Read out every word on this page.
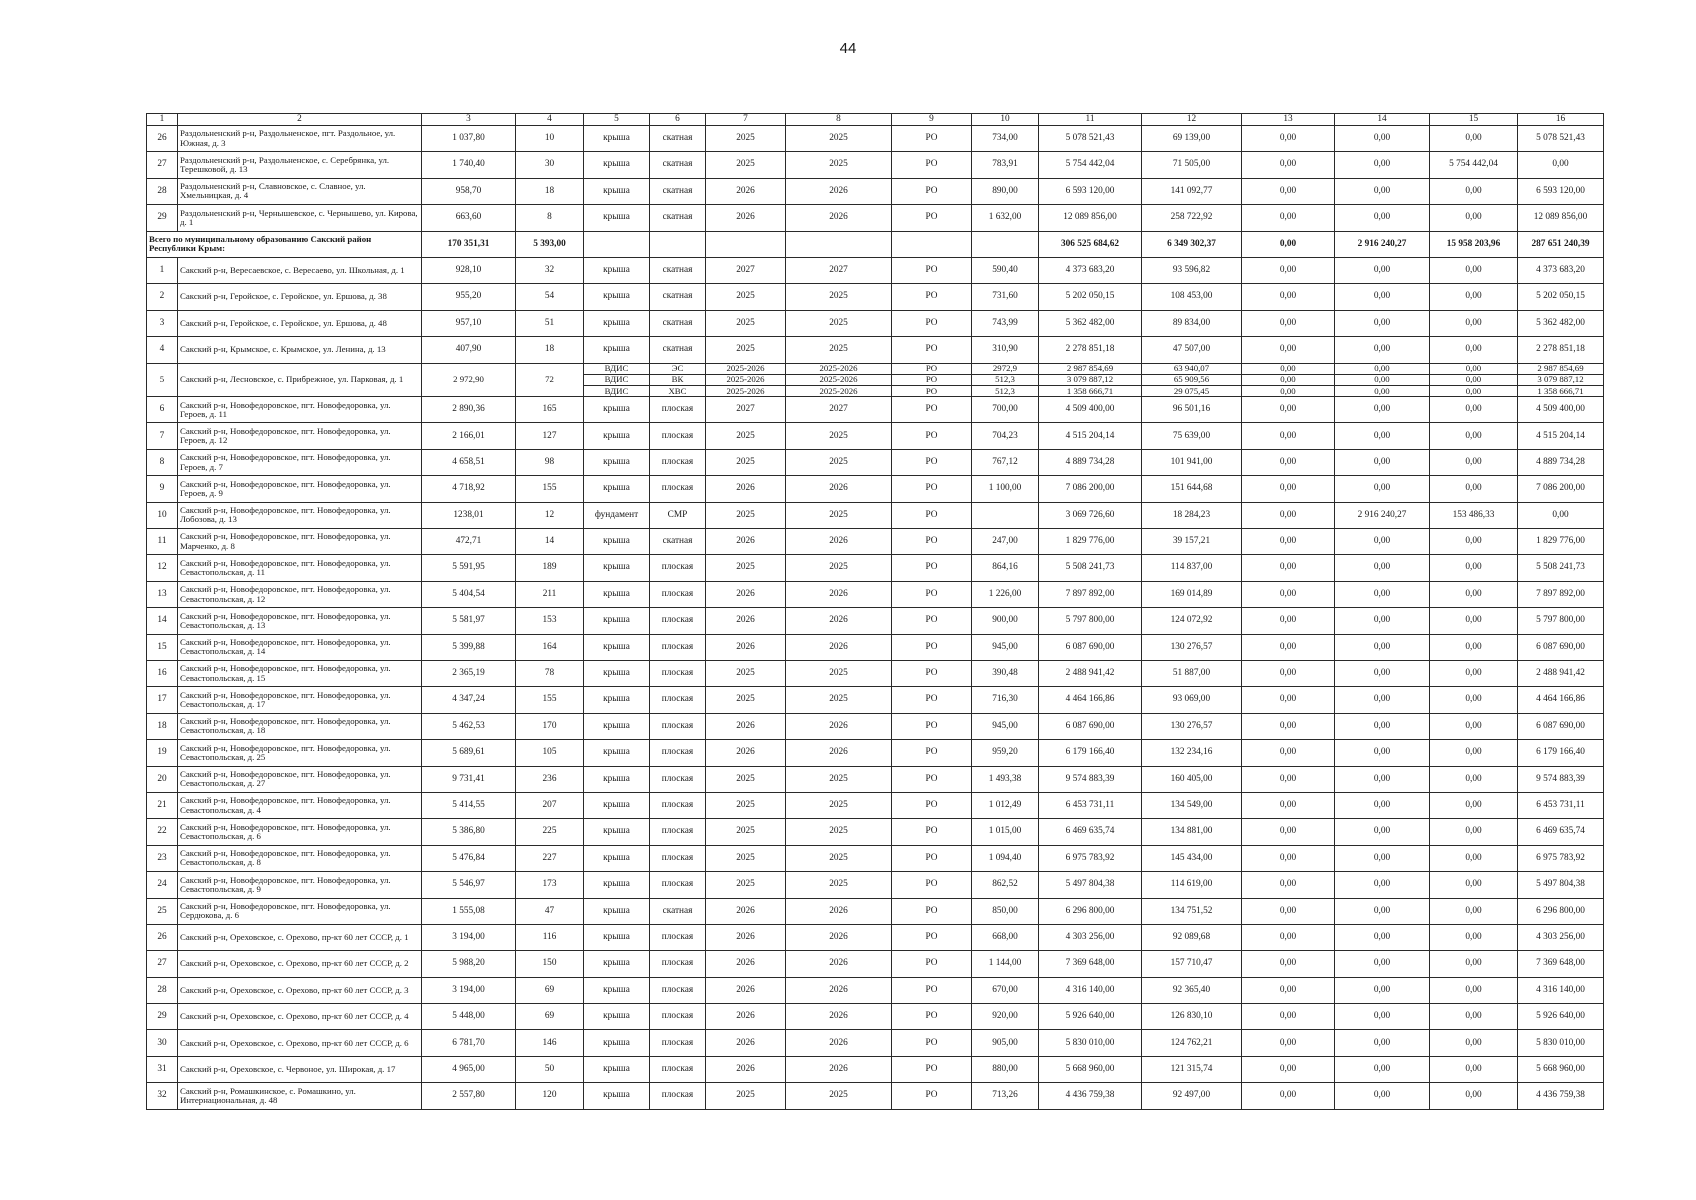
44
1	2	3	4	5	6	7	8	9	10	11	12	13	14	15	16
26	Раздольненский р-н, Раздольненское, пгт. Раздольное, ул. Южная, д. 3	1 037,80	10	крыша	скатная	2025	2025	РО	734,00	5 078 521,43	69 139,00	0,00	0,00	0,00	5 078 521,43
27	Раздольненский р-н, Раздольненское, с. Серебрянка, ул. Терешковой, д. 13	1 740,40	30	крыша	скатная	2025	2025	РО	783,91	5 754 442,04	71 505,00	0,00	0,00	5 754 442,04	0,00
28	Раздольненский р-н, Славновское, с. Славное, ул. Хмельницкая, д. 4	958,70	18	крыша	скатная	2026	2026	РО	890,00	6 593 120,00	141 092,77	0,00	0,00	0,00	6 593 120,00
29	Раздольненский р-н, Чернышевское, с. Чернышево, ул. Кирова, д. 1	663,60	8	крыша	скатная	2026	2026	РО	1 632,00	12 089 856,00	258 722,92	0,00	0,00	0,00	12 089 856,00
Всего по муниципальному образованию Сакский район Республики Крым:		170 351,31	5 393,00							306 525 684,62	6 349 302,37	0,00	2 916 240,27	15 958 203,96	287 651 240,39
1	Сакский р-н, Вересаевское, с. Вересаево, ул. Школьная, д. 1	928,10	32	крыша	скатная	2027	2027	РО	590,40	4 373 683,20	93 596,82	0,00	0,00	0,00	4 373 683,20
2	Сакский р-н, Геройское, с. Геройское, ул. Ершова, д. 38	955,20	54	крыша	скатная	2025	2025	РО	731,60	5 202 050,15	108 453,00	0,00	0,00	0,00	5 202 050,15
3	Сакский р-н, Геройское, с. Геройское, ул. Ершова, д. 48	957,10	51	крыша	скатная	2025	2025	РО	743,99	5 362 482,00	89 834,00	0,00	0,00	0,00	5 362 482,00
4	Сакский р-н, Крымское, с. Крымское, ул. Ленина, д. 13	407,90	18	крыша	скатная	2025	2025	РО	310,90	2 278 851,18	47 507,00	0,00	0,00	0,00	2 278 851,18
5	Сакский р-н, Лесновское, с. Прибрежное, ул. Парковая, д. 1	2 972,90	72	ВДИС	ЭС	2025-2026	2025-2026	РО	2972,9	2 987 854,69	63 940,07	0,00	0,00	0,00	2 987 854,69
				ВДИС	ВК	2025-2026	2025-2026	РО	512,3	3 079 887,12	65 909,56	0,00	0,00	0,00	3 079 887,12
				ВДИС	ХВС	2025-2026	2025-2026	РО	512,3	1 358 666,71	29 075,45	0,00	0,00	0,00	1 358 666,71
6	Сакский р-н, Новофедоровское, пгт. Новофедоровка, ул. Героев, д. 11	2 890,36	165	крыша	плоская	2027	2027	РО	700,00	4 509 400,00	96 501,16	0,00	0,00	0,00	4 509 400,00
7	Сакский р-н, Новофедоровское, пгт. Новофедоровка, ул. Героев, д. 12	2 166,01	127	крыша	плоская	2025	2025	РО	704,23	4 515 204,14	75 639,00	0,00	0,00	0,00	4 515 204,14
8	Сакский р-н, Новофедоровское, пгт. Новофедоровка, ул. Героев, д. 7	4 658,51	98	крыша	плоская	2025	2025	РО	767,12	4 889 734,28	101 941,00	0,00	0,00	0,00	4 889 734,28
9	Сакский р-н, Новофедоровское, пгт. Новофедоровка, ул. Героев, д. 9	4 718,92	155	крыша	плоская	2026	2026	РО	1 100,00	7 086 200,00	151 644,68	0,00	0,00	0,00	7 086 200,00
10	Сакский р-н, Новофедоровское, пгт. Новофедоровка, ул. Лобозова, д. 13	1238,01	12	фундамент	СМР	2025	2025	РО		3 069 726,60	18 284,23	0,00	2 916 240,27	153 486,33	0,00
11	Сакский р-н, Новофедоровское, пгт. Новофедоровка, ул. Марченко, д. 8	472,71	14	крыша	скатная	2026	2026	РО	247,00	1 829 776,00	39 157,21	0,00	0,00	0,00	1 829 776,00
12	Сакский р-н, Новофедоровское, пгт. Новофедоровка, ул. Севастопольская, д. 11	5 591,95	189	крыша	плоская	2025	2025	РО	864,16	5 508 241,73	114 837,00	0,00	0,00	0,00	5 508 241,73
13	Сакский р-н, Новофедоровское, пгт. Новофедоровка, ул. Севастопольская, д. 12	5 404,54	211	крыша	плоская	2026	2026	РО	1 226,00	7 897 892,00	169 014,89	0,00	0,00	0,00	7 897 892,00
14	Сакский р-н, Новофедоровское, пгт. Новофедоровка, ул. Севастопольская, д. 13	5 581,97	153	крыша	плоская	2026	2026	РО	900,00	5 797 800,00	124 072,92	0,00	0,00	0,00	5 797 800,00
15	Сакский р-н, Новофедоровское, пгт. Новофедоровка, ул. Севастопольская, д. 14	5 399,88	164	крыша	плоская	2026	2026	РО	945,00	6 087 690,00	130 276,57	0,00	0,00	0,00	6 087 690,00
16	Сакский р-н, Новофедоровское, пгт. Новофедоровка, ул. Севастопольская, д. 15	2 365,19	78	крыша	плоская	2025	2025	РО	390,48	2 488 941,42	51 887,00	0,00	0,00	0,00	2 488 941,42
17	Сакский р-н, Новофедоровское, пгт. Новофедоровка, ул. Севастопольская, д. 17	4 347,24	155	крыша	плоская	2025	2025	РО	716,30	4 464 166,86	93 069,00	0,00	0,00	0,00	4 464 166,86
18	Сакский р-н, Новофедоровское, пгт. Новофедоровка, ул. Севастопольская, д. 18	5 462,53	170	крыша	плоская	2026	2026	РО	945,00	6 087 690,00	130 276,57	0,00	0,00	0,00	6 087 690,00
19	Сакский р-н, Новофедоровское, пгт. Новофедоровка, ул. Севастопольская, д. 25	5 689,61	105	крыша	плоская	2026	2026	РО	959,20	6 179 166,40	132 234,16	0,00	0,00	0,00	6 179 166,40
20	Сакский р-н, Новофедоровское, пгт. Новофедоровка, ул. Севастопольская, д. 27	9 731,41	236	крыша	плоская	2025	2025	РО	1 493,38	9 574 883,39	160 405,00	0,00	0,00	0,00	9 574 883,39
21	Сакский р-н, Новофедоровское, пгт. Новофедоровка, ул. Севастопольская, д. 4	5 414,55	207	крыша	плоская	2025	2025	РО	1 012,49	6 453 731,11	134 549,00	0,00	0,00	0,00	6 453 731,11
22	Сакский р-н, Новофедоровское, пгт. Новофедоровка, ул. Севастопольская, д. 6	5 386,80	225	крыша	плоская	2025	2025	РО	1 015,00	6 469 635,74	134 881,00	0,00	0,00	0,00	6 469 635,74
23	Сакский р-н, Новофедоровское, пгт. Новофедоровка, ул. Севастопольская, д. 8	5 476,84	227	крыша	плоская	2025	2025	РО	1 094,40	6 975 783,92	145 434,00	0,00	0,00	0,00	6 975 783,92
24	Сакский р-н, Новофедоровское, пгт. Новофедоровка, ул. Севастопольская, д. 9	5 546,97	173	крыша	плоская	2025	2025	РО	862,52	5 497 804,38	114 619,00	0,00	0,00	0,00	5 497 804,38
25	Сакский р-н, Новофедоровское, пгт. Новофедоровка, ул. Сердюкова, д. 6	1 555,08	47	крыша	скатная	2026	2026	РО	850,00	6 296 800,00	134 751,52	0,00	0,00	0,00	6 296 800,00
26	Сакский р-н, Ореховское, с. Орехово, пр-кт 60 лет СССР, д. 1	3 194,00	116	крыша	плоская	2026	2026	РО	668,00	4 303 256,00	92 089,68	0,00	0,00	0,00	4 303 256,00
27	Сакский р-н, Ореховское, с. Орехово, пр-кт 60 лет СССР, д. 2	5 988,20	150	крыша	плоская	2026	2026	РО	1 144,00	7 369 648,00	157 710,47	0,00	0,00	0,00	7 369 648,00
28	Сакский р-н, Ореховское, с. Орехово, пр-кт 60 лет СССР, д. 3	3 194,00	69	крыша	плоская	2026	2026	РО	670,00	4 316 140,00	92 365,40	0,00	0,00	0,00	4 316 140,00
29	Сакский р-н, Ореховское, с. Орехово, пр-кт 60 лет СССР, д. 4	5 448,00	69	крыша	плоская	2026	2026	РО	920,00	5 926 640,00	126 830,10	0,00	0,00	0,00	5 926 640,00
30	Сакский р-н, Ореховское, с. Орехово, пр-кт 60 лет СССР, д. 6	6 781,70	146	крыша	плоская	2026	2026	РО	905,00	5 830 010,00	124 762,21	0,00	0,00	0,00	5 830 010,00
31	Сакский р-н, Ореховское, с. Червоное, ул. Широкая, д. 17	4 965,00	50	крыша	плоская	2026	2026	РО	880,00	5 668 960,00	121 315,74	0,00	0,00	0,00	5 668 960,00
32	Сакский р-н, Ромашкинское, с. Ромашкино, ул. Интернациональная, д. 48	2 557,80	120	крыша	плоская	2025	2025	РО	713,26	4 436 759,38	92 497,00	0,00	0,00	0,00	4 436 759,38
